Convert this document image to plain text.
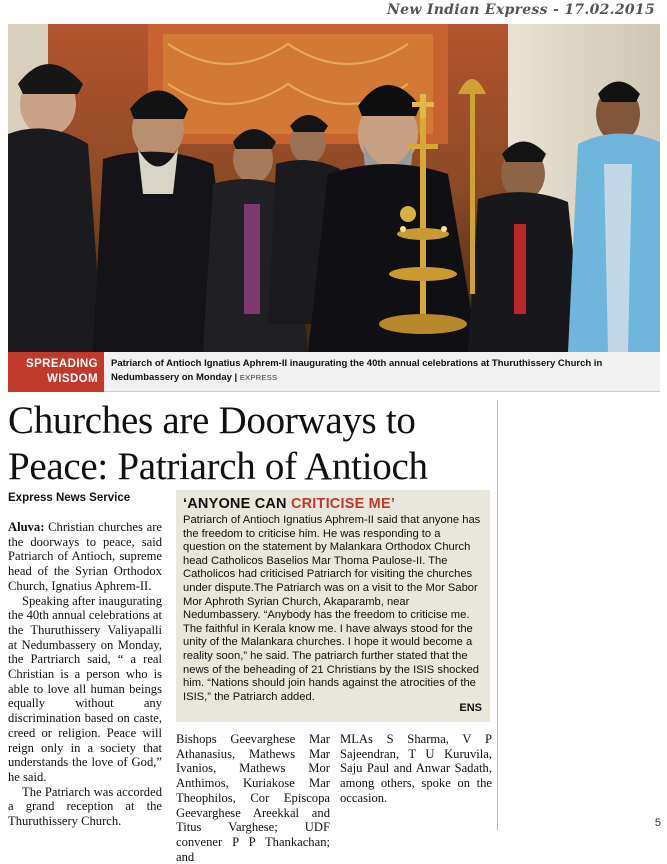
New Indian Express - 17.02.2015
SPREADING
WISDOM
Patriarch of Antioch Ignatius Aphrem-II inaugurating the 40th annual celebrations at Thuruthissery Church in Nedumbassery on Monday | EXPRESS
Churches are Doorways to Peace: Patriarch of Antioch
Express News Service

Aluva: Christian churches are the doorways to peace, said Patriarch of Antioch, supreme head of the Syrian Orthodox Church, Ignatius Aphrem-II.

Speaking after inaugurating the 40th annual celebrations at the Thuruthissery Valiyapalli at Nedumbassery on Monday, the Partriarch said, “ a real Christian is a person who is able to love all human beings equally without any discrimination based on caste, creed or religion. Peace will reign only in a society that understands the love of God,” he said.

The Patriarch was accorded a grand reception at the Thuruthissery Church.

‘ANYONE CAN CRITICISE ME’
Patriarch of Antioch Ignatius Aphrem-II said that anyone has the freedom to criticise him. He was responding to a question on the statement by Malankara Orthodox Church head Catholicos Baselios Mar Thoma Paulose-II. The Catholicos had criticised Patriarch for visiting the churches under dispute.The Patriarch was on a visit to the Mor Sabor Mor Aphroth Syrian Church, Akaparamb, near Nedumbassery. “Anybody has the freedom to criticise me. The faithful in Kerala know me. I have always stood for the unity of the Malankara churches. I hope it would become a reality soon,” he said. The patriarch further stated that the news of the beheading of 21 Christians by the ISIS shocked him. “Nations should join hands against the atrocities of the ISIS,” the Patriarch added.
ENS
Bishops Geevarghese Mar Athanasius, Mathews Mar Ivanios, Mathews Mor Anthimos, Kuriakose Mar Theophilos, Cor Episcopa Geevarghese Areekkal and Titus Varghese; UDF convener P P Thankachan; and
MLAs S Sharma, V P Sajeendran, T U Kuruvila, Saju Paul and Anwar Sadath, among others, spoke on the occasion.
5
